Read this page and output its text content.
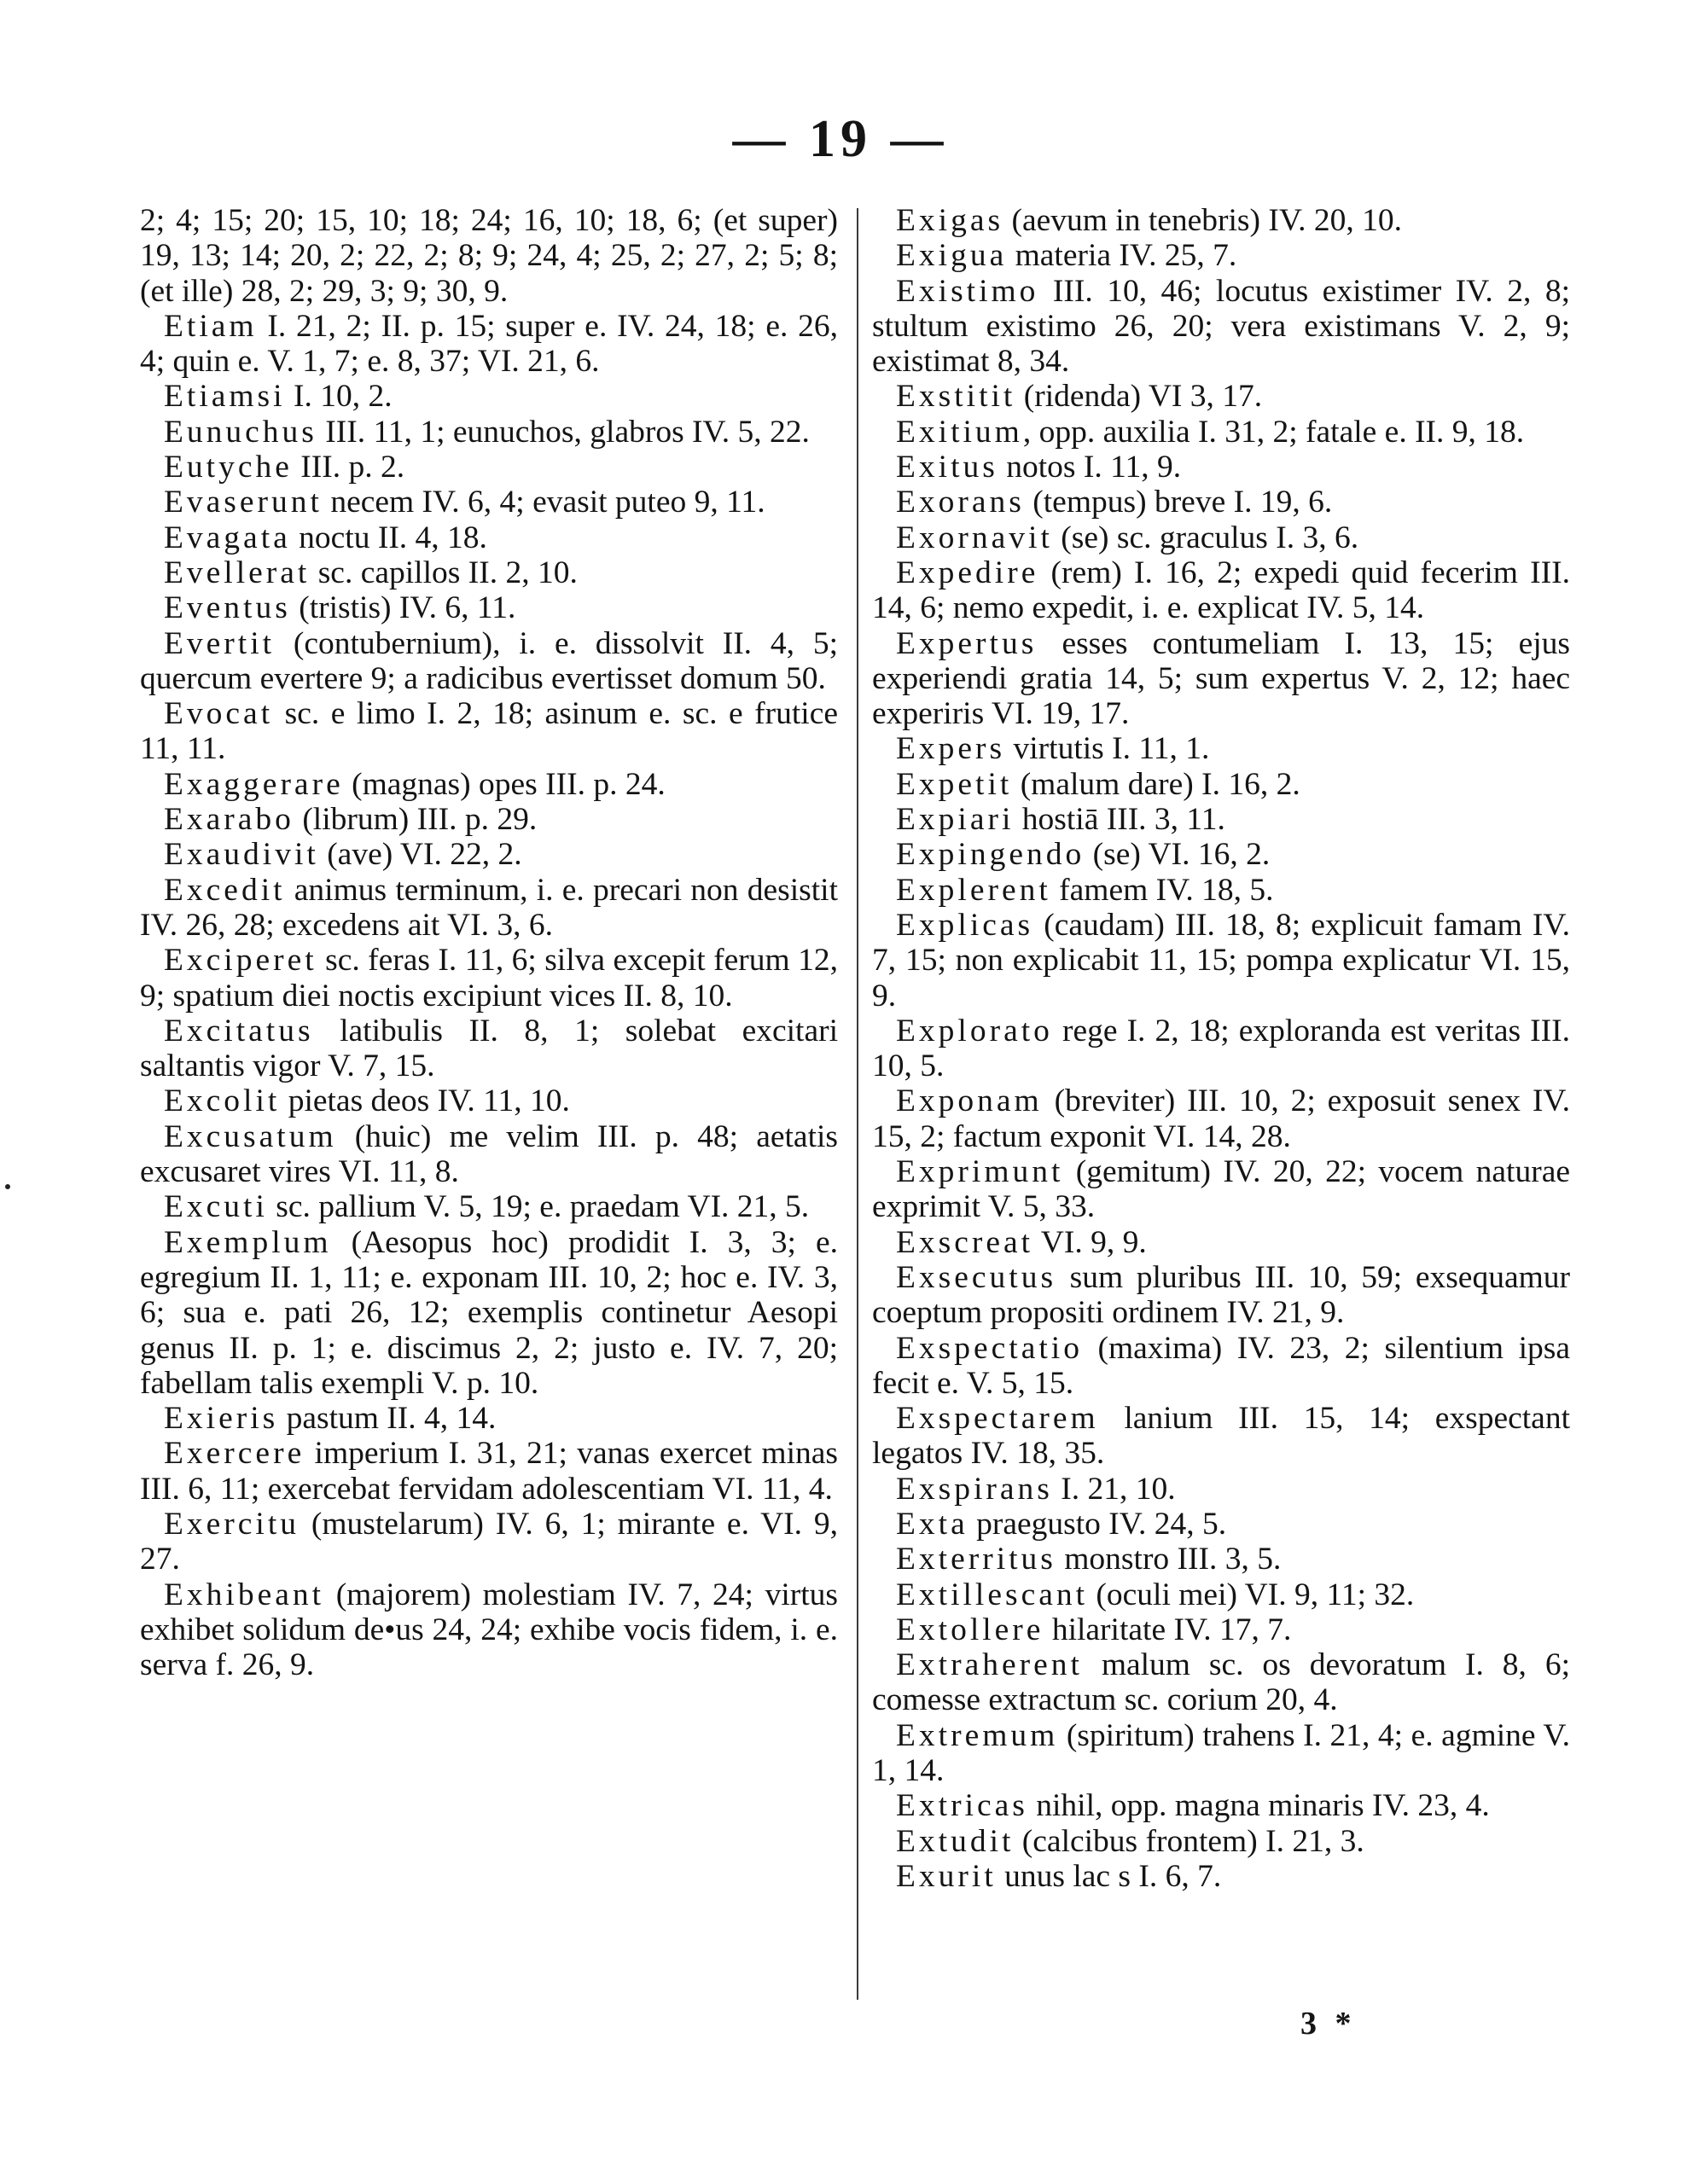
— 19 —

2; 4; 15; 20; 15, 10; 18; 24; 16, 10; 18, 6; (et super) 19, 13; 14; 20, 2; 22, 2; 8; 9; 24, 4; 25, 2; 27, 2; 5; 8; (et ille) 28, 2; 29, 3; 9; 30, 9.

Etiam I. 21, 2; II. p. 15; super e. IV. 24, 18; e. 26, 4; quin e. V. 1, 7; e. 8, 37; VI. 21, 6.

Etiamsi I. 10, 2.

Eunuchus III. 11, 1; eunuchos, glabros IV. 5, 22.

Eutyche III. p. 2.

Evaserunt necem IV. 6, 4; evasit puteo 9, 11.

Evagata noctu II. 4, 18.

Evellerat sc. capillos II. 2, 10.

Eventus (tristis) IV. 6, 11.

Evertit (contubernium), i. e. dissolvit II. 4, 5; quercum evertere 9; a radicibus evertisset domum 50.

Evocat sc. e limo I. 2, 18; asinum e. sc. e frutice 11, 11.

Exaggerare (magnas) opes III. p. 24.

Exarabo (librum) III. p. 29.

Exaudivit (ave) VI. 22, 2.

Excedit animus terminum, i. e. precari non desistit IV. 26, 28; excedens ait VI. 3, 6.

Exciperet sc. feras I. 11, 6; silva excepit ferum 12, 9; spatium diei noctis excipiunt vices II. 8, 10.

Excitatus latibulis II. 8, 1; solebat excitari saltantis vigor V. 7, 15.

Excolit pietas deos IV. 11, 10.

Excusatum (huic) me velim III. p. 48; aetatis excusaret vires VI. 11, 8.

Excuti sc. pallium V. 5, 19; e. praedam VI. 21, 5.

Exemplum (Aesopus hoc) prodidit I. 3, 3; e. egregium II. 1, 11; e. exponam III. 10, 2; hoc e. IV. 3, 6; sua e. pati 26, 12; exemplis continetur Aesopi genus II. p. 1; e. discimus 2, 2; justo e. IV. 7, 20; fabellam talis exempli V. p. 10.

Exieris pastum II. 4, 14.

Exercere imperium I. 31, 21; vanas exercet minas III. 6, 11; exercebat fervidam adolescentiam VI. 11, 4.

Exercitu (mustelarum) IV. 6, 1; mirante e. VI. 9, 27.

Exhibeant (majorem) molestiam IV. 7, 24; virtus exhibet solidum de•us 24, 24; exhibe vocis fidem, i. e. serva f. 26, 9.

Exigas (aevum in tenebris) IV. 20, 10.

Exigua materia IV. 25, 7.

Existimo III. 10, 46; locutus existimer IV. 2, 8; stultum existimo 26, 20; vera existimans V. 2, 9; existimat 8, 34.

Exstitit (ridenda) VI 3, 17.

Exitium, opp. auxilia I. 31, 2; fatale e. II. 9, 18.

Exitus notos I. 11, 9.

Exorans (tempus) breve I. 19, 6.

Exornavit (se) sc. graculus I. 3, 6.

Expedire (rem) I. 16, 2; expedi quid fecerim III. 14, 6; nemo expedit, i. e. explicat IV. 5, 14.

Expertus esses contumeliam I. 13, 15; ejus experiendi gratia 14, 5; sum expertus V. 2, 12; haec experiris VI. 19, 17.

Expers virtutis I. 11, 1.

Expetit (malum dare) I. 16, 2.

Expiari hostiā III. 3, 11.

Expingendo (se) VI. 16, 2.

Explerent famem IV. 18, 5.

Explicas (caudam) III. 18, 8; explicuit famam IV. 7, 15; non explicabit 11, 15; pompa explicatur VI. 15, 9.

Explorato rege I. 2, 18; exploranda est veritas III. 10, 5.

Exponam (breviter) III. 10, 2; exposuit senex IV. 15, 2; factum exponit VI. 14, 28.

Exprimunt (gemitum) IV. 20, 22; vocem naturae exprimit V. 5, 33.

Exscreat VI. 9, 9.

Exsecutus sum pluribus III. 10, 59; exsequamur coeptum propositi ordinem IV. 21, 9.

Exspectatio (maxima) IV. 23, 2; silentium ipsa fecit e. V. 5, 15.

Exspectarem lanium III. 15, 14; exspectant legatos IV. 18, 35.

Exspirans I. 21, 10.

Exta praegusto IV. 24, 5.

Exterritus monstro III. 3, 5.

Extillescant (oculi mei) VI. 9, 11; 32.

Extollere hilaritate IV. 17, 7.

Extraherent malum sc. os devoratum I. 8, 6; comesse extractum sc. corium 20, 4.

Extremum (spiritum) trahens I. 21, 4; e. agmine V. 1, 14.

Extricas nihil, opp. magna minaris IV. 23, 4.

Extudit (calcibus frontem) I. 21, 3.

Exurit unus lac s I. 6, 7.

3 *
